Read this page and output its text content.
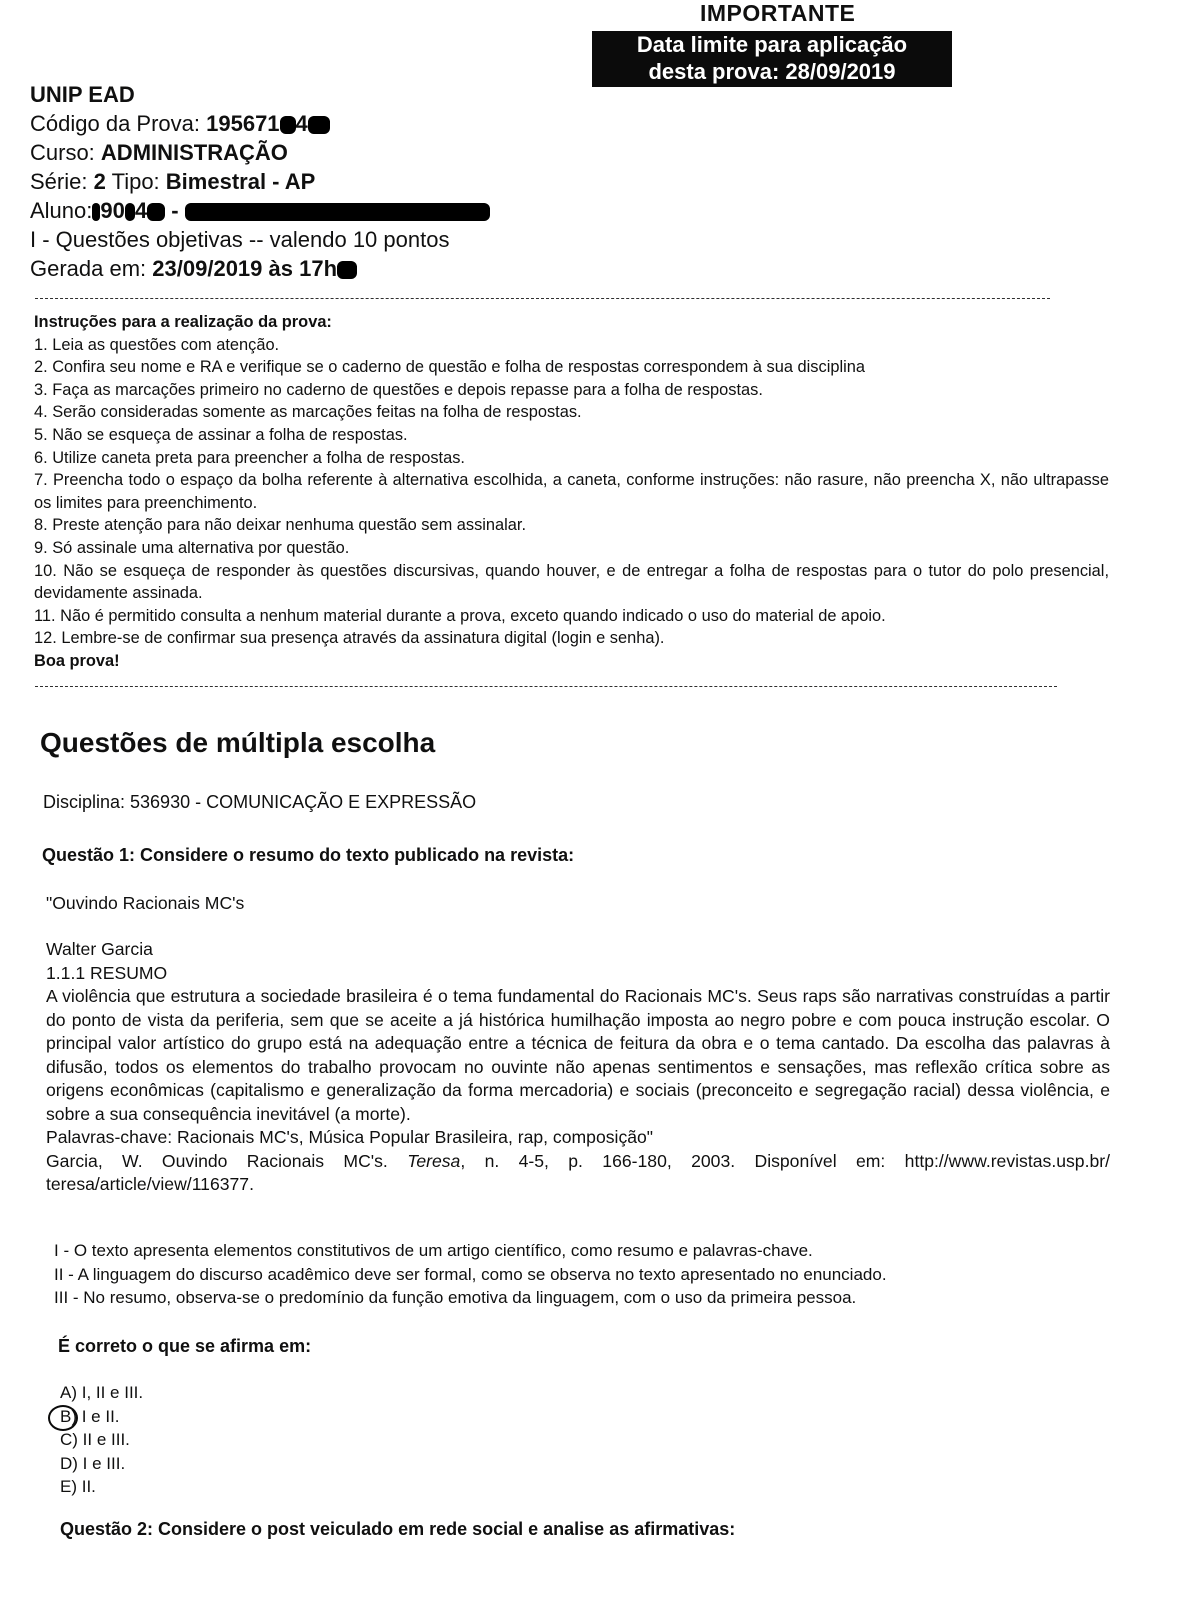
IMPORTANTE
Data limite para aplicação
desta prova: 28/09/2019
UNIP EAD
Código da Prova: 195671 4
Curso: ADMINISTRAÇÃO
Série: 2 Tipo: Bimestral - AP
Aluno: 90 4 -
I - Questões objetivas -- valendo 10 pontos
Gerada em: 23/09/2019 às 17h

Instruções para a realização da prova:

1. Leia as questões com atenção.

2. Confira seu nome e RA e verifique se o caderno de questão e folha de respostas correspondem à sua disciplina

3. Faça as marcações primeiro no caderno de questões e depois repasse para a folha de respostas.

4. Serão consideradas somente as marcações feitas na folha de respostas.

5. Não se esqueça de assinar a folha de respostas.

6. Utilize caneta preta para preencher a folha de respostas.

7. Preencha todo o espaço da bolha referente à alternativa escolhida, a caneta, conforme instruções: não rasure, não preencha X, não ultrapasse os limites para preenchimento.

8. Preste atenção para não deixar nenhuma questão sem assinalar.

9. Só assinale uma alternativa por questão.

10. Não se esqueça de responder às questões discursivas, quando houver, e de entregar a folha de respostas para o tutor do polo presencial, devidamente assinada.

11. Não é permitido consulta a nenhum material durante a prova, exceto quando indicado o uso do material de apoio.

12. Lembre-se de confirmar sua presença através da assinatura digital (login e senha).

Boa prova!

Questões de múltipla escolha
Disciplina: 536930 - COMUNICAÇÃO E EXPRESSÃO
Questão 1: Considere o resumo do texto publicado na revista:
"Ouvindo Racionais MC's

Walter Garcia

1.1.1 RESUMO

A violência que estrutura a sociedade brasileira é o tema fundamental do Racionais MC's. Seus raps são narrativas construídas a partir do ponto de vista da periferia, sem que se aceite a já histórica humilhação imposta ao negro pobre e com pouca instrução escolar. O principal valor artístico do grupo está na adequação entre a técnica de feitura da obra e o tema cantado. Da escolha das palavras à difusão, todos os elementos do trabalho provocam no ouvinte não apenas sentimentos e sensações, mas reflexão crítica sobre as origens econômicas (capitalismo e generalização da forma mercadoria) e sociais (preconceito e segregação racial) dessa violência, e sobre a sua consequência inevitável (a morte).

Palavras-chave: Racionais MC's, Música Popular Brasileira, rap, composição"

Garcia, W. Ouvindo Racionais MC's. Teresa, n. 4-5, p. 166-180, 2003. Disponível em: http://www.revistas.usp.br/ teresa/article/view/116377.

I - O texto apresenta elementos constitutivos de um artigo científico, como resumo e palavras-chave.

II - A linguagem do discurso acadêmico deve ser formal, como se observa no texto apresentado no enunciado.

III - No resumo, observa-se o predomínio da função emotiva da linguagem, com o uso da primeira pessoa.

É correto o que se afirma em:
A) I, II e III.
B) I e II.
C) II e III.
D) I e III.
E) II.
Questão 2: Considere o post veiculado em rede social e analise as afirmativas:
